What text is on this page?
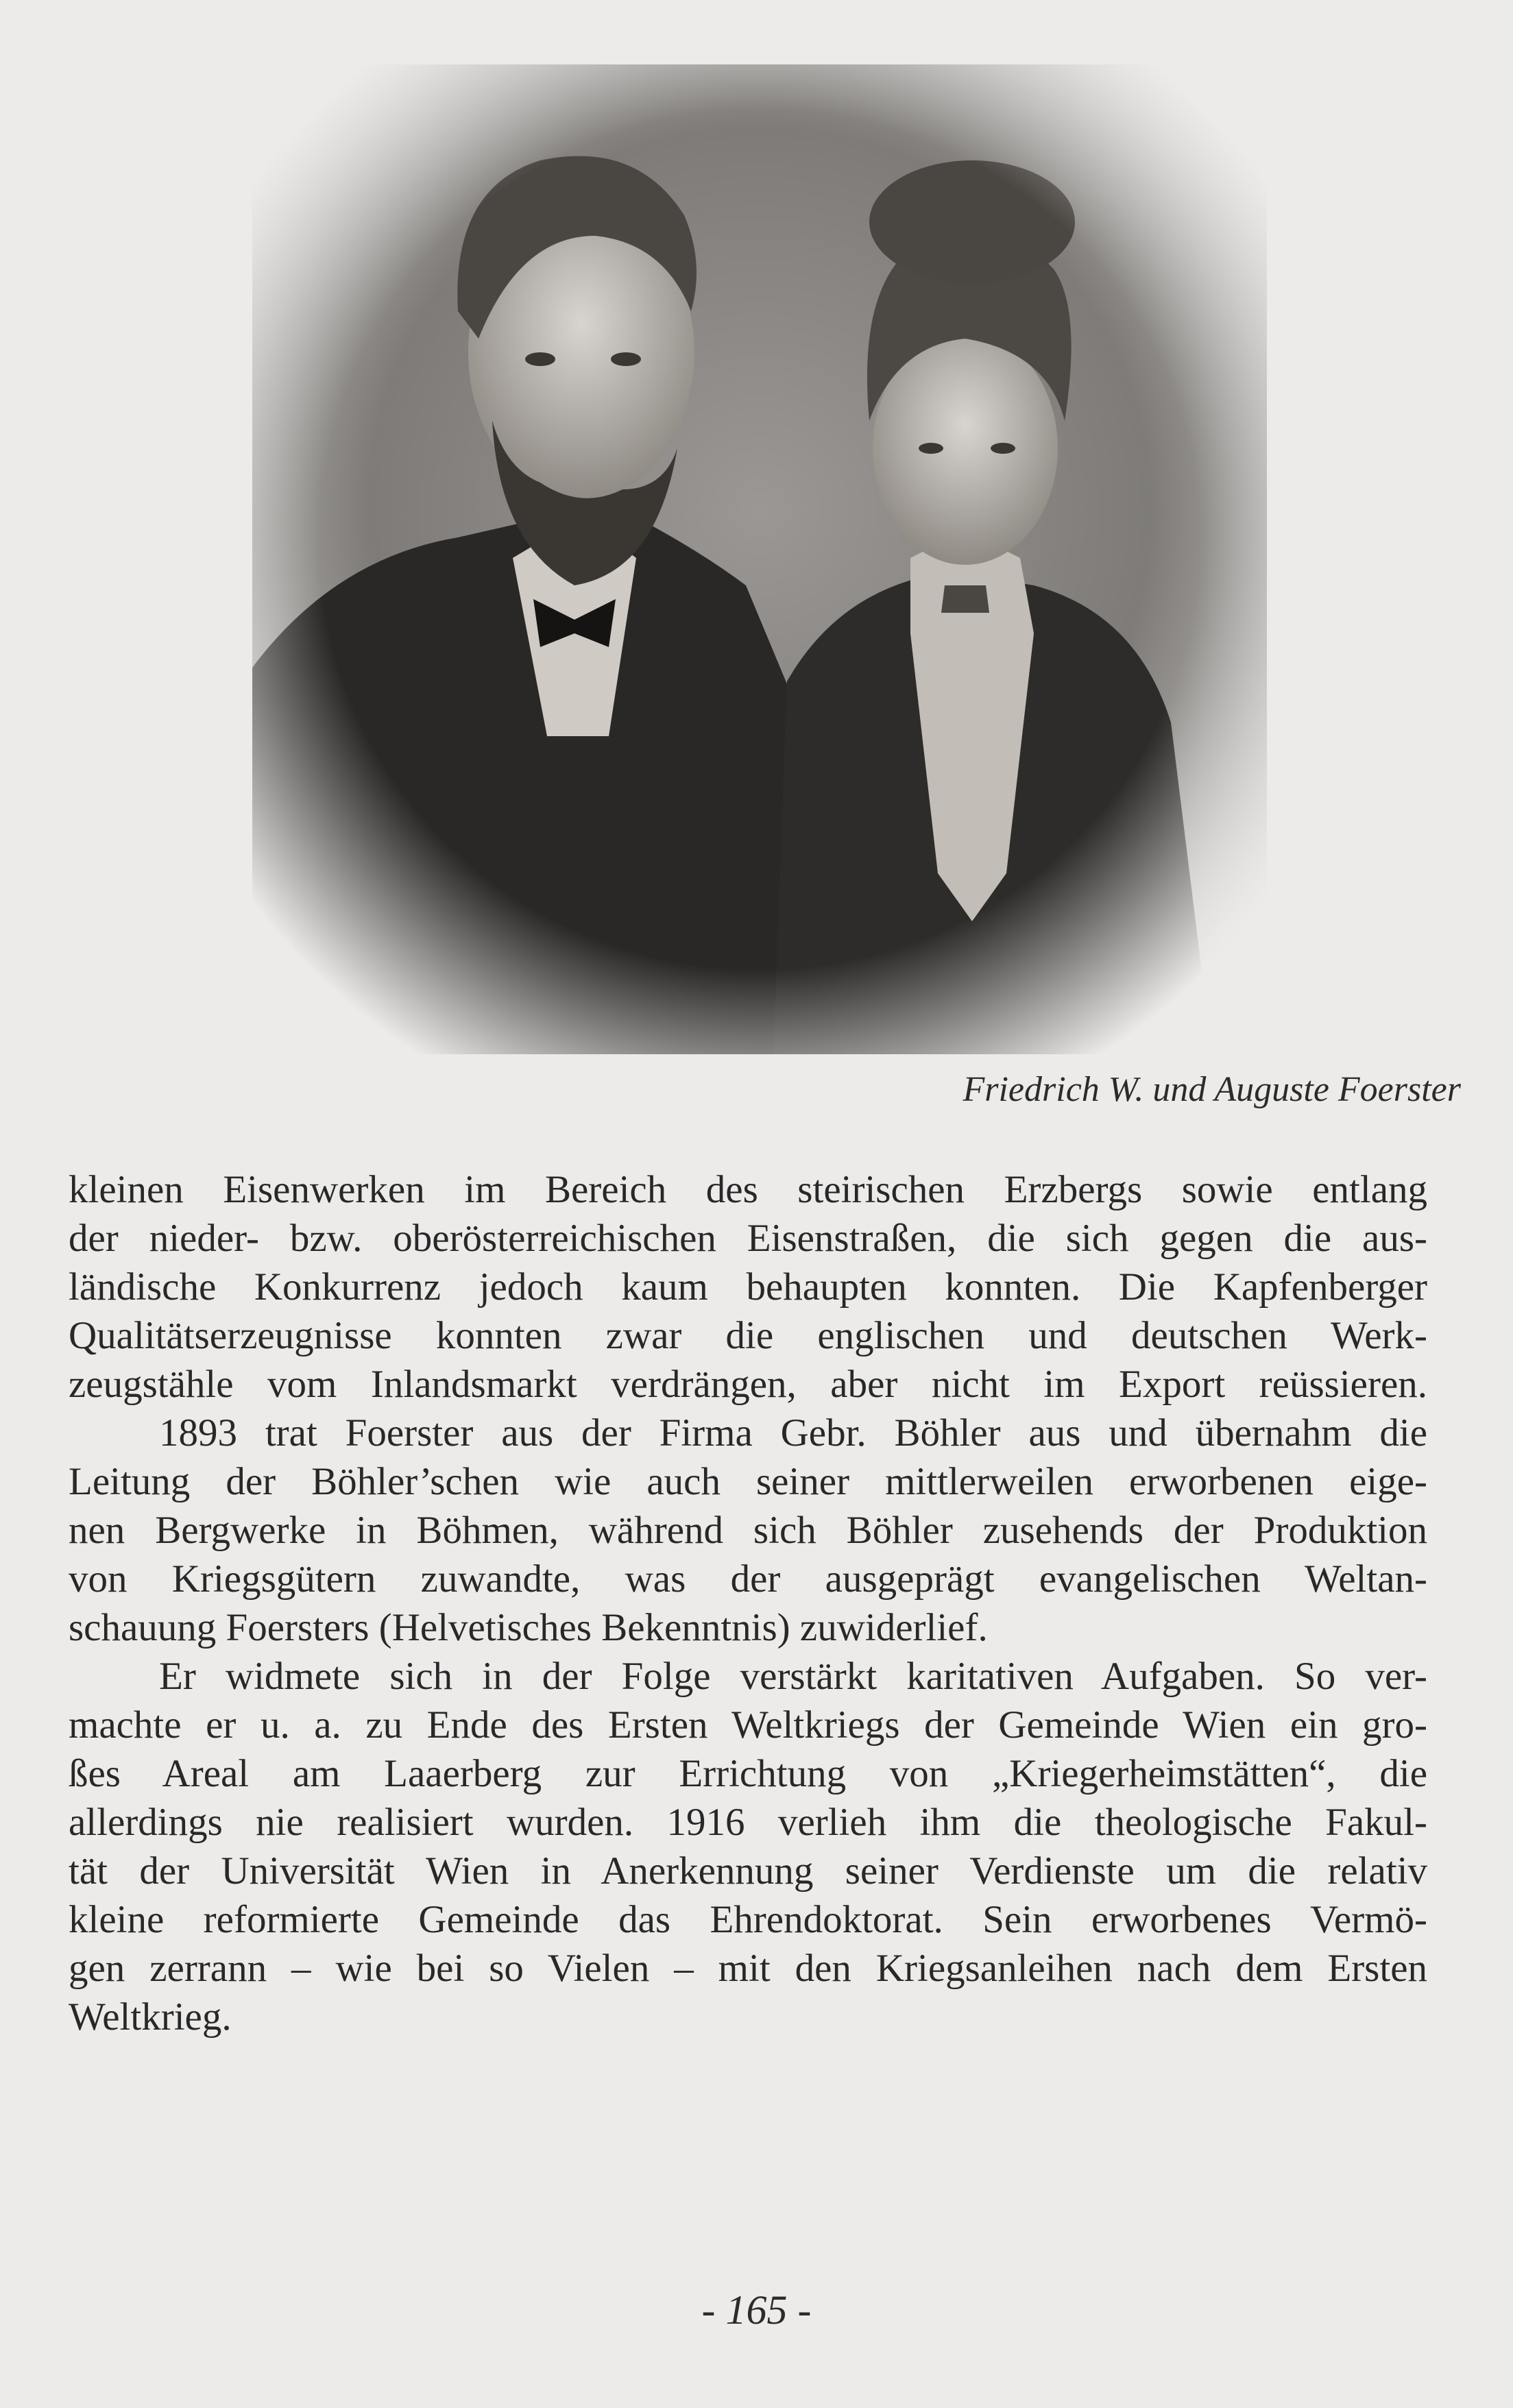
Friedrich W. und Auguste Foerster

kleinen Eisenwerken im Bereich des steirischen Erzbergs sowie entlang
der nieder- bzw. oberösterreichischen Eisenstraßen, die sich gegen die aus-
ländische Konkurrenz jedoch kaum behaupten konnten. Die Kapfenberger
Qualitätserzeugnisse konnten zwar die englischen und deutschen Werk-
zeugstähle vom Inlandsmarkt verdrängen, aber nicht im Export reüssieren.

1893 trat Foerster aus der Firma Gebr. Böhler aus und übernahm die
Leitung der Böhler’schen wie auch seiner mittlerweilen erworbenen eige-
nen Bergwerke in Böhmen, während sich Böhler zusehends der Produktion
von Kriegsgütern zuwandte, was der ausgeprägt evangelischen Weltan-
schauung Foersters (Helvetisches Bekenntnis) zuwiderlief.

Er widmete sich in der Folge verstärkt karitativen Aufgaben. So ver-
machte er u. a. zu Ende des Ersten Weltkriegs der Gemeinde Wien ein gro-
ßes Areal am Laaerberg zur Errichtung von „Kriegerheimstätten“, die
allerdings nie realisiert wurden. 1916 verlieh ihm die theologische Fakul-
tät der Universität Wien in Anerkennung seiner Verdienste um die relativ
kleine reformierte Gemeinde das Ehrendoktorat. Sein erworbenes Vermö-
gen zerrann – wie bei so Vielen – mit den Kriegsanleihen nach dem Ersten
Weltkrieg.

- 165 -
